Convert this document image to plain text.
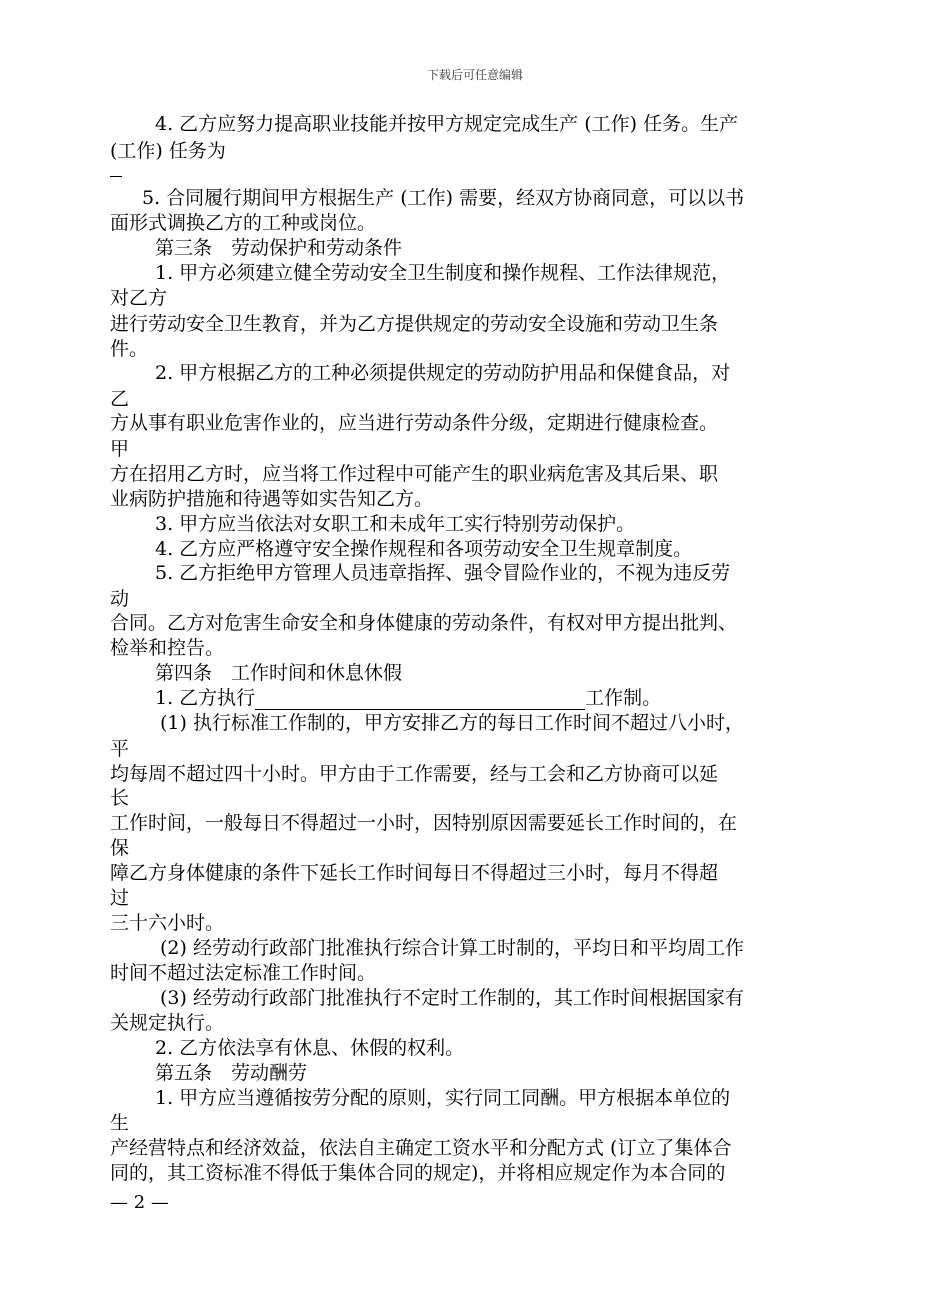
下载后可任意编辑
4. 乙方应努力提高职业技能并按甲方规定完成生产 (工作) 任务。生产
(工作) 任务为
5. 合同履行期间甲方根据生产 (工作) 需要，经双方协商同意，可以以书
面形式调换乙方的工种或岗位。
第三条　劳动保护和劳动条件
1. 甲方必须建立健全劳动安全卫生制度和操作规程、工作法律规范，
对乙方
进行劳动安全卫生教育，并为乙方提供规定的劳动安全设施和劳动卫生条
件。
2. 甲方根据乙方的工种必须提供规定的劳动防护用品和保健食品，对
乙
方从事有职业危害作业的，应当进行劳动条件分级，定期进行健康检查。
甲
方在招用乙方时，应当将工作过程中可能产生的职业病危害及其后果、职
业病防护措施和待遇等如实告知乙方。
3. 甲方应当依法对女职工和未成年工实行特别劳动保护。
4. 乙方应严格遵守安全操作规程和各项劳动安全卫生规章制度。
5. 乙方拒绝甲方管理人员违章指挥、强令冒险作业的，不视为违反劳
动
合同。乙方对危害生命安全和身体健康的劳动条件，有权对甲方提出批判、
检举和控告。
第四条　工作时间和休息休假
1. 乙方执行	工作制。
(1) 执行标准工作制的，甲方安排乙方的每日工作时间不超过八小时，
平
均每周不超过四十小时。甲方由于工作需要，经与工会和乙方协商可以延
长
工作时间，一般每日不得超过一小时，因特别原因需要延长工作时间的，在
保
障乙方身体健康的条件下延长工作时间每日不得超过三小时，每月不得超
过
三十六小时。
(2) 经劳动行政部门批准执行综合计算工时制的，平均日和平均周工作
时间不超过法定标准工作时间。
(3) 经劳动行政部门批准执行不定时工作制的，其工作时间根据国家有
关规定执行。
2. 乙方依法享有休息、休假的权利。
第五条　劳动酬劳
1. 甲方应当遵循按劳分配的原则，实行同工同酬。甲方根据本单位的
生
产经营特点和经济效益，依法自主确定工资水平和分配方式 (订立了集体合
同的，其工资标准不得低于集体合同的规定)，并将相应规定作为本合同的
— 2 —
